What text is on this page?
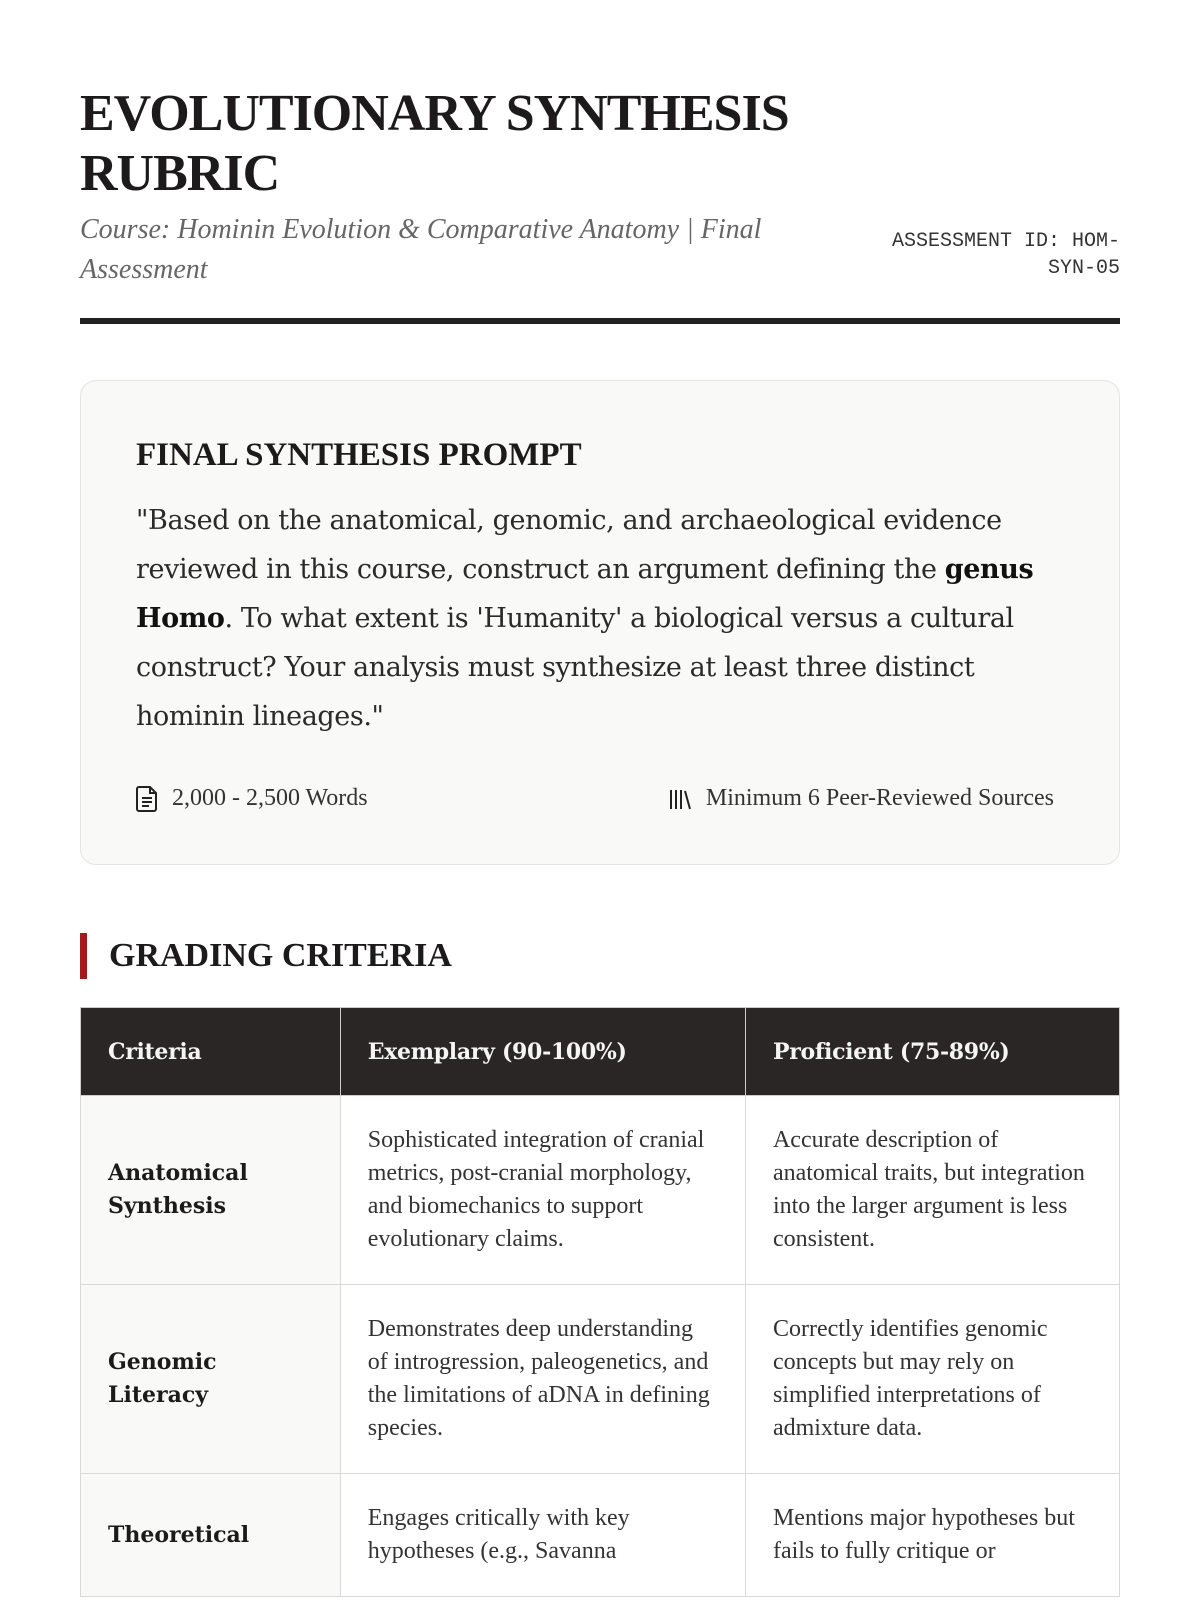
EVOLUTIONARY SYNTHESIS RUBRIC
Course: Hominin Evolution & Comparative Anatomy | Final Assessment
ASSESSMENT ID: HOM-SYN-05
FINAL SYNTHESIS PROMPT

"Based on the anatomical, genomic, and archaeological evidence reviewed in this course, construct an argument defining the genus Homo. To what extent is 'Humanity' a biological versus a cultural construct? Your analysis must synthesize at least three distinct hominin lineages."

2,000 - 2,500 Words	Minimum 6 Peer-Reviewed Sources
GRADING CRITERIA
Criteria	Exemplary (90-100%)	Proficient (75-89%)
Anatomical Synthesis	Sophisticated integration of cranial metrics, post-cranial morphology, and biomechanics to support evolutionary claims.	Accurate description of anatomical traits, but integration into the larger argument is less consistent.
Genomic Literacy	Demonstrates deep understanding of introgression, paleogenetics, and the limitations of aDNA in defining species.	Correctly identifies genomic concepts but may rely on simplified interpretations of admixture data.
Theoretical	Engages critically with key hypotheses (e.g., Savanna	Mentions major hypotheses but fails to fully critique or
